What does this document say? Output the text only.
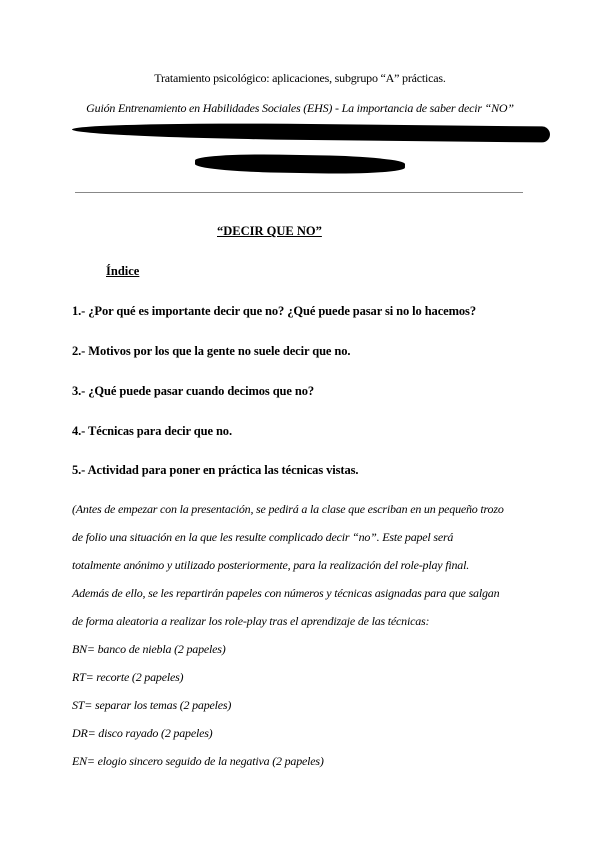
Tratamiento psicológico: aplicaciones, subgrupo “A” prácticas.
Guión Entrenamiento en Habilidades Sociales (EHS) - La importancia de saber decir “NO”
“DECIR QUE NO”
Índice
1.- ¿Por qué es importante decir que no? ¿Qué puede pasar si no lo hacemos?
2.- Motivos por los que la gente no suele decir que no.
3.- ¿Qué puede pasar cuando decimos que no?
4.- Técnicas para decir que no.
5.- Actividad para poner en práctica las técnicas vistas.
(Antes de empezar con la presentación, se pedirá a la clase que escriban en un pequeño trozo
de folio una situación en la que les resulte complicado decir “no”. Este papel será
totalmente anónimo y utilizado posteriormente, para la realización del role-play final.
Además de ello, se les repartirán papeles con números y técnicas asignadas para que salgan
de forma aleatoria a realizar los role-play tras el aprendizaje de las técnicas:
BN= banco de niebla (2 papeles)
RT= recorte (2 papeles)
ST= separar los temas (2 papeles)
DR= disco rayado (2 papeles)
EN= elogio sincero seguido de la negativa (2 papeles)
